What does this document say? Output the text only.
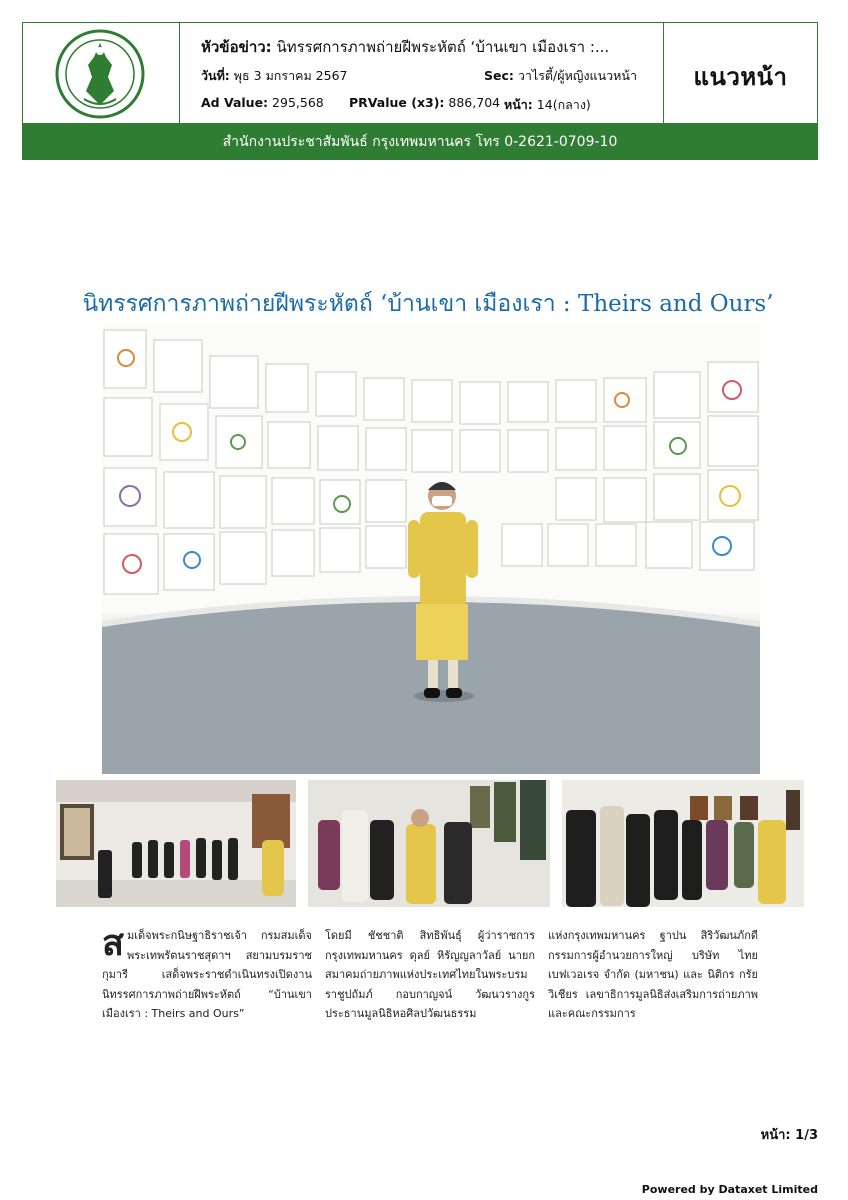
หัวข้อข่าว: นิทรรศการภาพถ่ายฝีพระหัตถ์ ‘บ้านเขา เมืองเรา :...
วันที่: พุธ 3 มกราคม 2567	Sec: วาไรตี้/ผู้หญิงแนวหน้า
Ad Value: 295,568 PRValue (x3): 886,704 หน้า: 14(กลาง)
แนวหน้า
สำนักงานประชาสัมพันธ์ กรุงเทพมหานคร โทร 0-2621-0709-10
นิทรรศการภาพถ่ายฝีพระหัตถ์ ‘บ้านเขา เมืองเรา : Theirs and Ours’

สมเด็จพระกนิษฐาธิราชเจ้า กรมสมเด็จพระเทพรัตนราชสุดาฯ สยามบรมราชกุมารี เสด็จพระราชดำเนินทรงเปิดงานนิทรรศการภาพถ่ายฝีพระหัตถ์ “บ้านเขา เมืองเรา : Theirs and Ours”

โดยมี ชัชชาติ สิทธิพันธุ์ ผู้ว่าราชการกรุงเทพมหานคร ดุลย์ หิรัญญลาวัลย์ นายกสมาคมถ่ายภาพแห่งประเทศไทยในพระบรมราชูปถัมภ์ กอบกาญจน์ วัฒนวรางกูร ประธานมูลนิธิหอศิลปวัฒนธรรม

แห่งกรุงเทพมหานคร ฐาปน สิริวัฒนภักดี กรรมการผู้อำนวยการใหญ่ บริษัท ไทยเบฟเวอเรจ จำกัด (มหาชน) และ นิติกร กรัยวิเชียร เลขาธิการมูลนิธิส่งเสริมการถ่ายภาพ และคณะกรรมการ

หน้า: 1/3
Powered by Dataxet Limited
